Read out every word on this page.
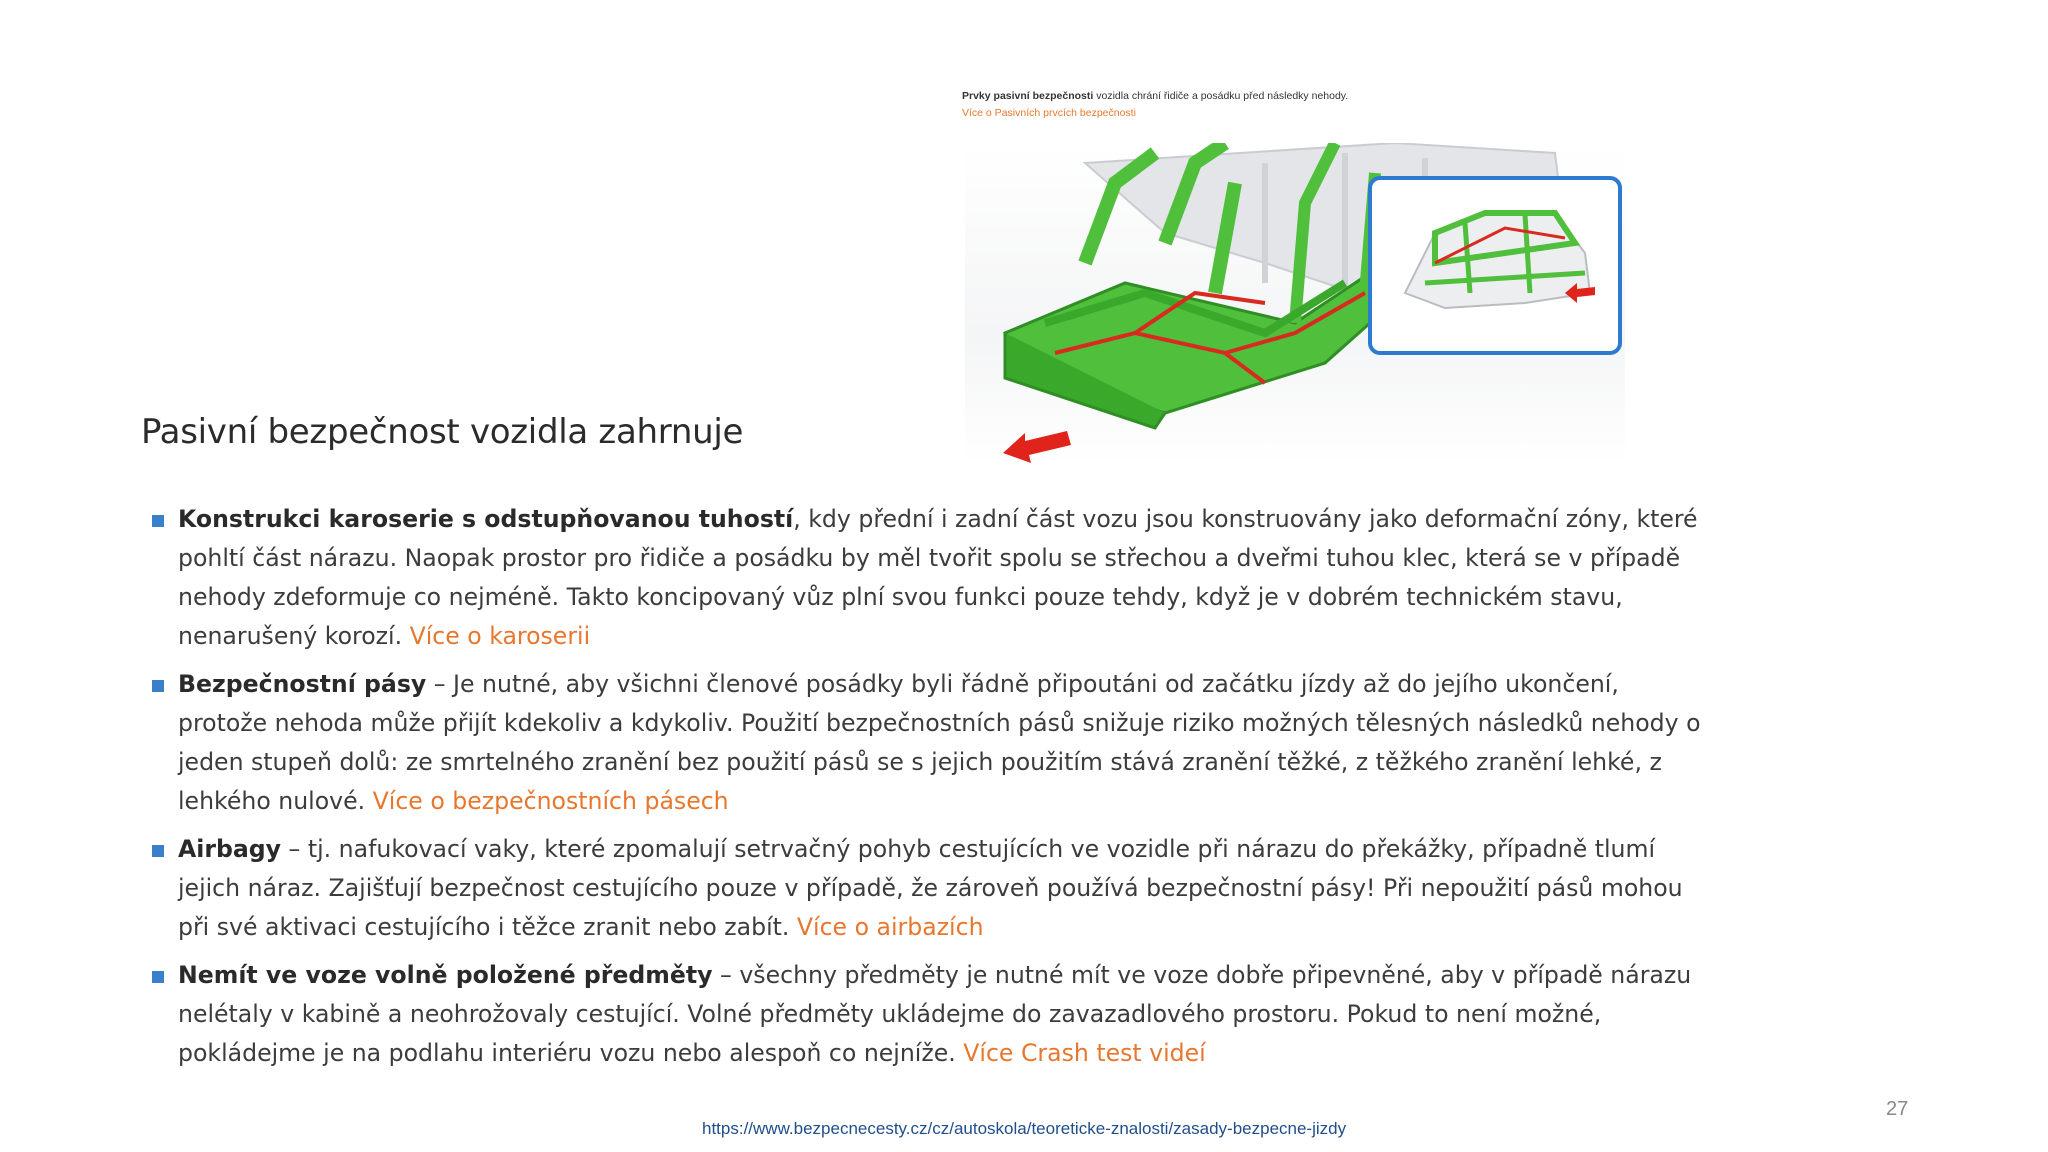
Prvky pasivní bezpečnosti vozidla chrání řidiče a posádku před následky nehody.
Více o Pasivních prvcích bezpečnosti
Pasivní bezpečnost vozidla zahrnuje
Konstrukci karoserie s odstupňovanou tuhostí, kdy přední i zadní část vozu jsou konstruovány jako deformační zóny, které pohltí část nárazu. Naopak prostor pro řidiče a posádku by měl tvořit spolu se střechou a dveřmi tuhou klec, která se v případě nehody zdeformuje co nejméně. Takto koncipovaný vůz plní svou funkci pouze tehdy, když je v dobrém technickém stavu, nenarušený korozí. Více o karoserii
Bezpečnostní pásy – Je nutné, aby všichni členové posádky byli řádně připoutáni od začátku jízdy až do jejího ukončení, protože nehoda může přijít kdekoliv a kdykoliv. Použití bezpečnostních pásů snižuje riziko možných tělesných následků nehody o jeden stupeň dolů: ze smrtelného zranění bez použití pásů se s jejich použitím stává zranění těžké, z těžkého zranění lehké, z lehkého nulové. Více o bezpečnostních pásech
Airbagy – tj. nafukovací vaky, které zpomalují setrvačný pohyb cestujících ve vozidle při nárazu do překážky, případně tlumí jejich náraz. Zajišťují bezpečnost cestujícího pouze v případě, že zároveň používá bezpečnostní pásy! Při nepoužití pásů mohou při své aktivaci cestujícího i těžce zranit nebo zabít. Více o airbazích
Nemít ve voze volně položené předměty – všechny předměty je nutné mít ve voze dobře připevněné, aby v případě nárazu nelétaly v kabině a neohrožovaly cestující. Volné předměty ukládejme do zavazadlového prostoru. Pokud to není možné, pokládejme je na podlahu interiéru vozu nebo alespoň co nejníže. Více Crash test videí
27
https://www.bezpecnecesty.cz/cz/autoskola/teoreticke-znalosti/zasady-bezpecne-jizdy
